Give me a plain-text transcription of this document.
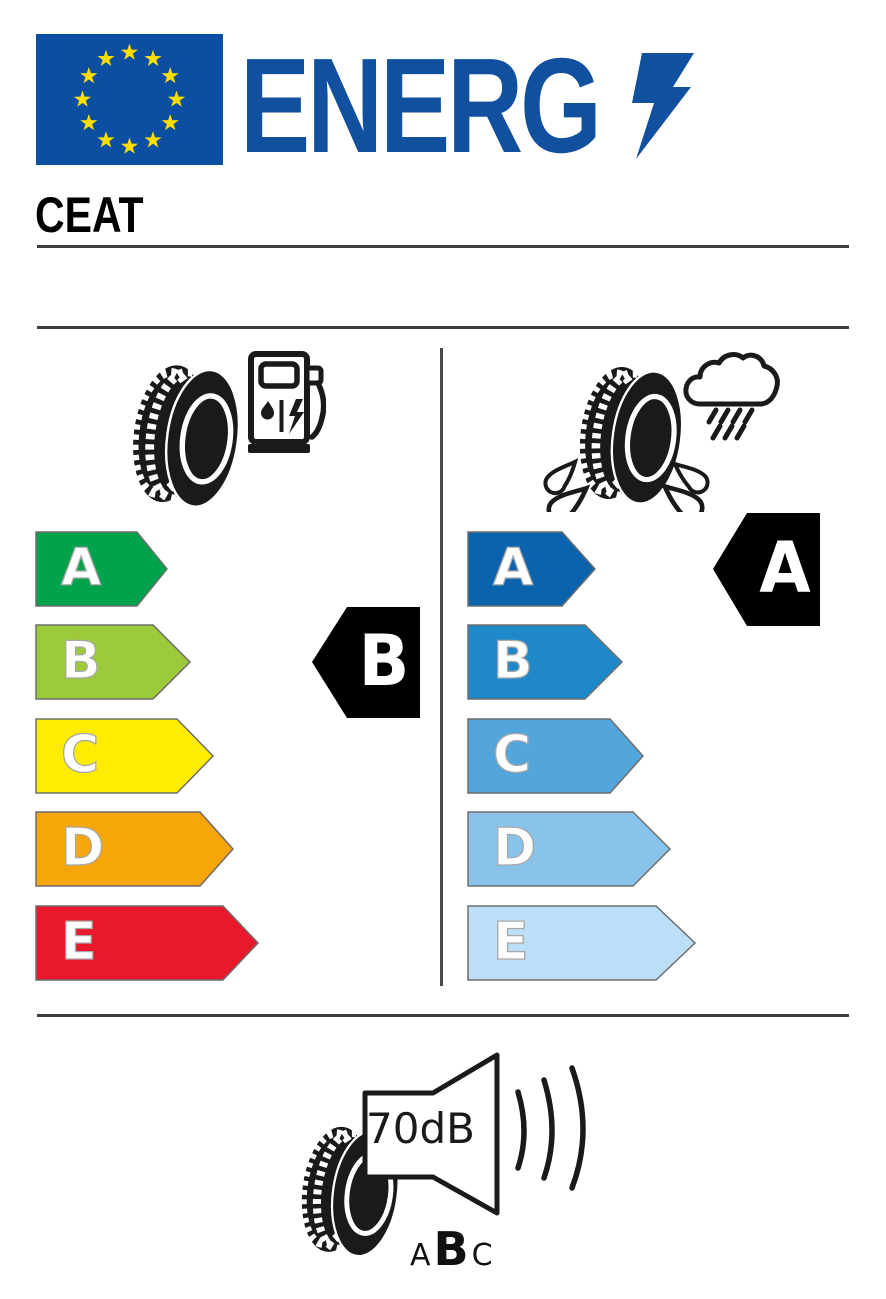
ENERG
CEAT
A
B
C
D
E
B
A
B
C
D
E
A
70dB
A B C
